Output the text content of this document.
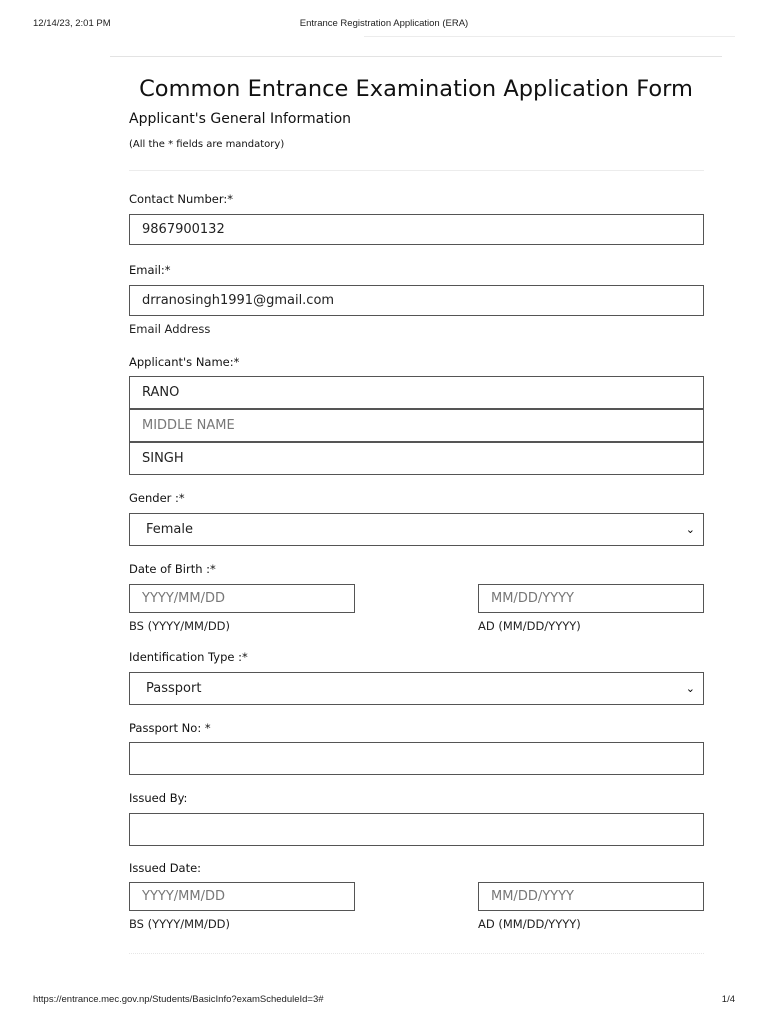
12/14/23, 2:01 PM	Entrance Registration Application (ERA)
Common Entrance Examination Application Form
Applicant's General Information
(All the * fields are mandatory)
Contact Number:*
9867900132
Email:*
drranosingh1991@gmail.com
Email Address
Applicant's Name:*
RANO
MIDDLE NAME
SINGH
Gender :*
Female	⌄
Date of Birth :*
YYYY/MM/DD	MM/DD/YYYY
BS (YYYY/MM/DD)	AD (MM/DD/YYYY)
Identification Type :*
Passport	⌄
Passport No: *
Issued By:
Issued Date:
YYYY/MM/DD	MM/DD/YYYY
BS (YYYY/MM/DD)	AD (MM/DD/YYYY)
https://entrance.mec.gov.np/Students/BasicInfo?examScheduleId=3#	1/4
